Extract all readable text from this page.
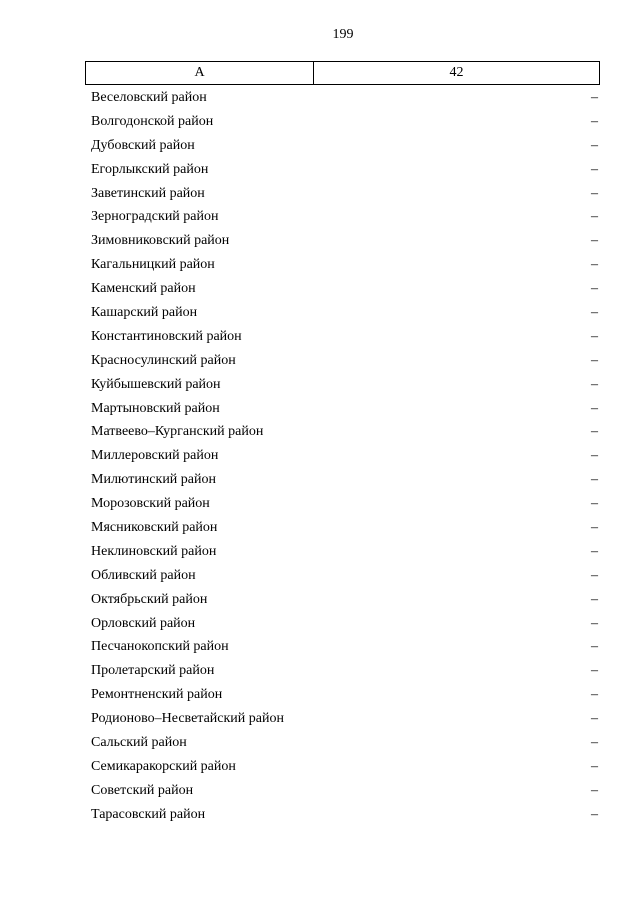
199
А	42
Веселовский район	–
Волгодонской район	–
Дубовский район	–
Егорлыкский район	–
Заветинский район	–
Зерноградский район	–
Зимовниковский район	–
Кагальницкий район	–
Каменский район	–
Кашарский район	–
Константиновский район	–
Красносулинский район	–
Куйбышевский район	–
Мартыновский район	–
Матвеево–Курганский район	–
Миллеровский район	–
Милютинский район	–
Морозовский район	–
Мясниковский район	–
Неклиновский район	–
Обливский район	–
Октябрьский район	–
Орловский район	–
Песчанокопский район	–
Пролетарский район	–
Ремонтненский район	–
Родионово–Несветайский район	–
Сальский район	–
Семикаракорский район	–
Советский район	–
Тарасовский район	–
